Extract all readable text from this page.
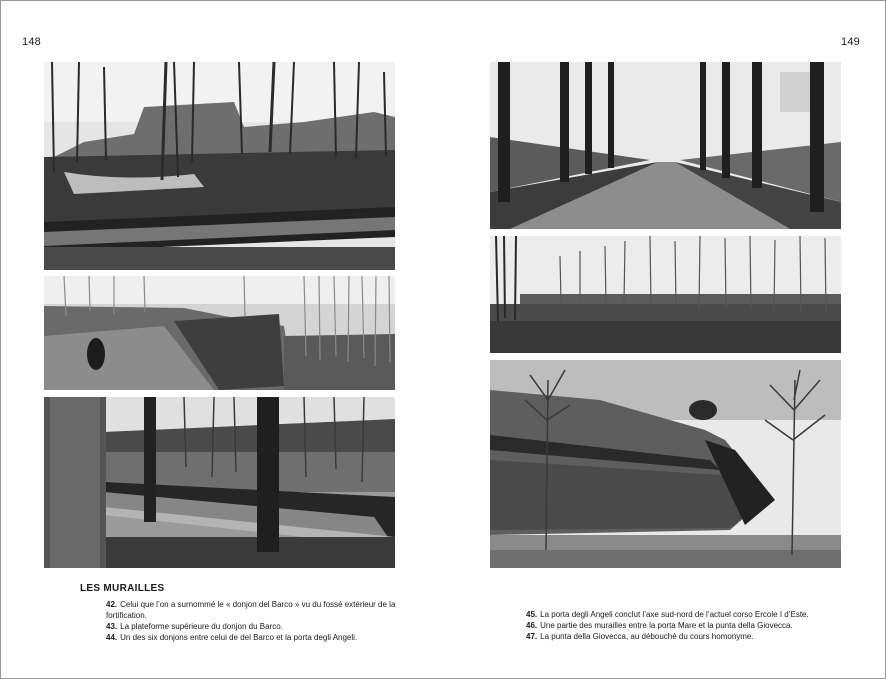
148	149
LES MURAILLES

42. Celui que l’on a surnommé le « donjon del Barco » vu du fossé extérieur de la fortification.

43. La plateforme supérieure du donjon du Barco.

44. Un des six donjons entre celui de del Barco et la porta degli Angeli.

45. La porta degli Angeli conclut l’axe sud-nord de l’actuel corso Ercole I d’Este.

46. Une partie des murailles entre la porta Mare et la punta della Giovecca.

47. La punta della Giovecca, au débouché du cours homonyme.
